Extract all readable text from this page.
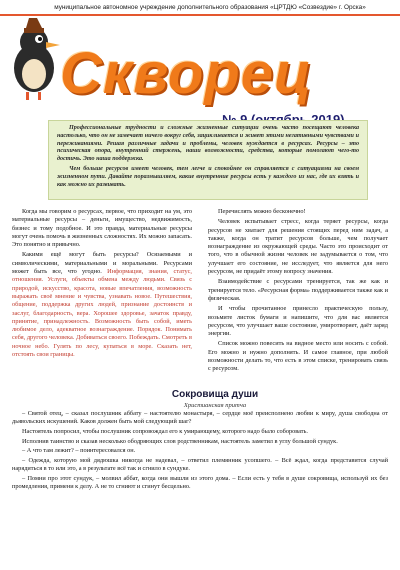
муниципальное автономное учреждение дополнительного образования «ЦРТДЮ «Созвездие» г. Орска»
Скворец

Профессиональные трудности и сложные жизненные ситуации очень часто посещают человека настолько, что он не замечает ничего вокруг себя, зацикливается и живет этими негативными чувствами и переживаниями. Решая различные задачи и проблемы, человек нуждается в ресурсах. Ресурсы – это психическая опора, внутренний стержень, наши возможности, средства, которые помогают чего-то достичь. Это наша поддержка.

Чем больше ресурсов имеет человек, тем легче и спокойнее он справляется с ситуациями на своем жизненном пути. Давайте поразмышляем, какие внутренние ресурсы есть у каждого из нас, где их взять и как можно их развивать.

Когда мы говорим о ресурсах, первое, что приходит на ум, это материальные ресурсы – деньги, имущество, недвижимость, бизнес и тому подобное. И это правда, материальные ресурсы могут очень помочь в жизненных сложностях. Их можно запасать. Это понятно и привычно.

Какими ещё могут быть ресурсы? Осязаемыми и символическими, материальными и моральными. Ресурсами может быть все, что угодно. Информация, знания, статус, отношения. Услуги, объекты обмена между людьми. Связь с природой, искусство, красота, новые впечатления, возможность выражать своё мнение и чувства, узнавать новое. Путешествия, общение, поддержка других людей, признание достоинств и заслуг, благодарность, вера. Хорошее здоровье, зачаток правду, принятие, принадлежность. Возможность быть собой, иметь любимое дело, адекватное вознаграждение. Порядок. Понимать себя, другого человека. Добиваться своего. Побеждать. Смотреть в ночное небо. Гулять по лесу, купаться в море. Сказать нет, отстоять свои границы.

Перечислять можно бесконечно!

Человек испытывает стресс, когда теряет ресурсы, когда ресурсов не хватает для решения стоящих перед ним задач, а также, когда он тратит ресурсов больше, чем получает вознаграждение из окружающей среды. Часто это происходит от того, что в обычной жизни человек не задумывается о том, что улучшает его состояние, не исследует, что является для него ресурсом, не придаёт этому вопросу значения.

Взаимодействие с ресурсами тренируется, так же как и тренируется тело. «Ресурсная форма» поддерживается также как и физическая.

И чтобы прочитанное принесло практическую пользу, возьмите листок бумаги и напишите, что для вас является ресурсом, что улучшает ваше состояние, умиротворяет, даёт заряд энергии.

Список можно повесить на видное место или носить с собой. Его можно и нужно дополнять. И самое главное, при любой возможности делать то, что есть в этом списке, тренировать связь с ресурсом.

Сокровища души
Христианская притча

– Святой отец, – сказал послушник аббату – настоятелю монастыря, – сердце моё преисполнено любви к миру, душа свободна от дьявольских искушений. Каков должен быть мой следующий шаг?

Настоятель попросил, чтобы послушник сопровождал его к умирающему, которого надо было соборовать.

Исполнив таинство и сказав несколько ободряющих слов родственникам, настоятель заметил в углу большой сундук.

– А что там лежит? – поинтересовался он.

– Одежда, которую мой дядюшка никогда не надевал, – ответил племянник усопшего. – Всё ждал, когда представится случай нарядиться в то или это, а в результате всё так и сгнило в сундуке.

– Помни про этот сундук, – молвил аббат, когда они вышли из этого дома. – Если есть у тебя в душе сокровища, используй их без промедления, примени к делу. А не то сгниют и сгинут бесцельно.
